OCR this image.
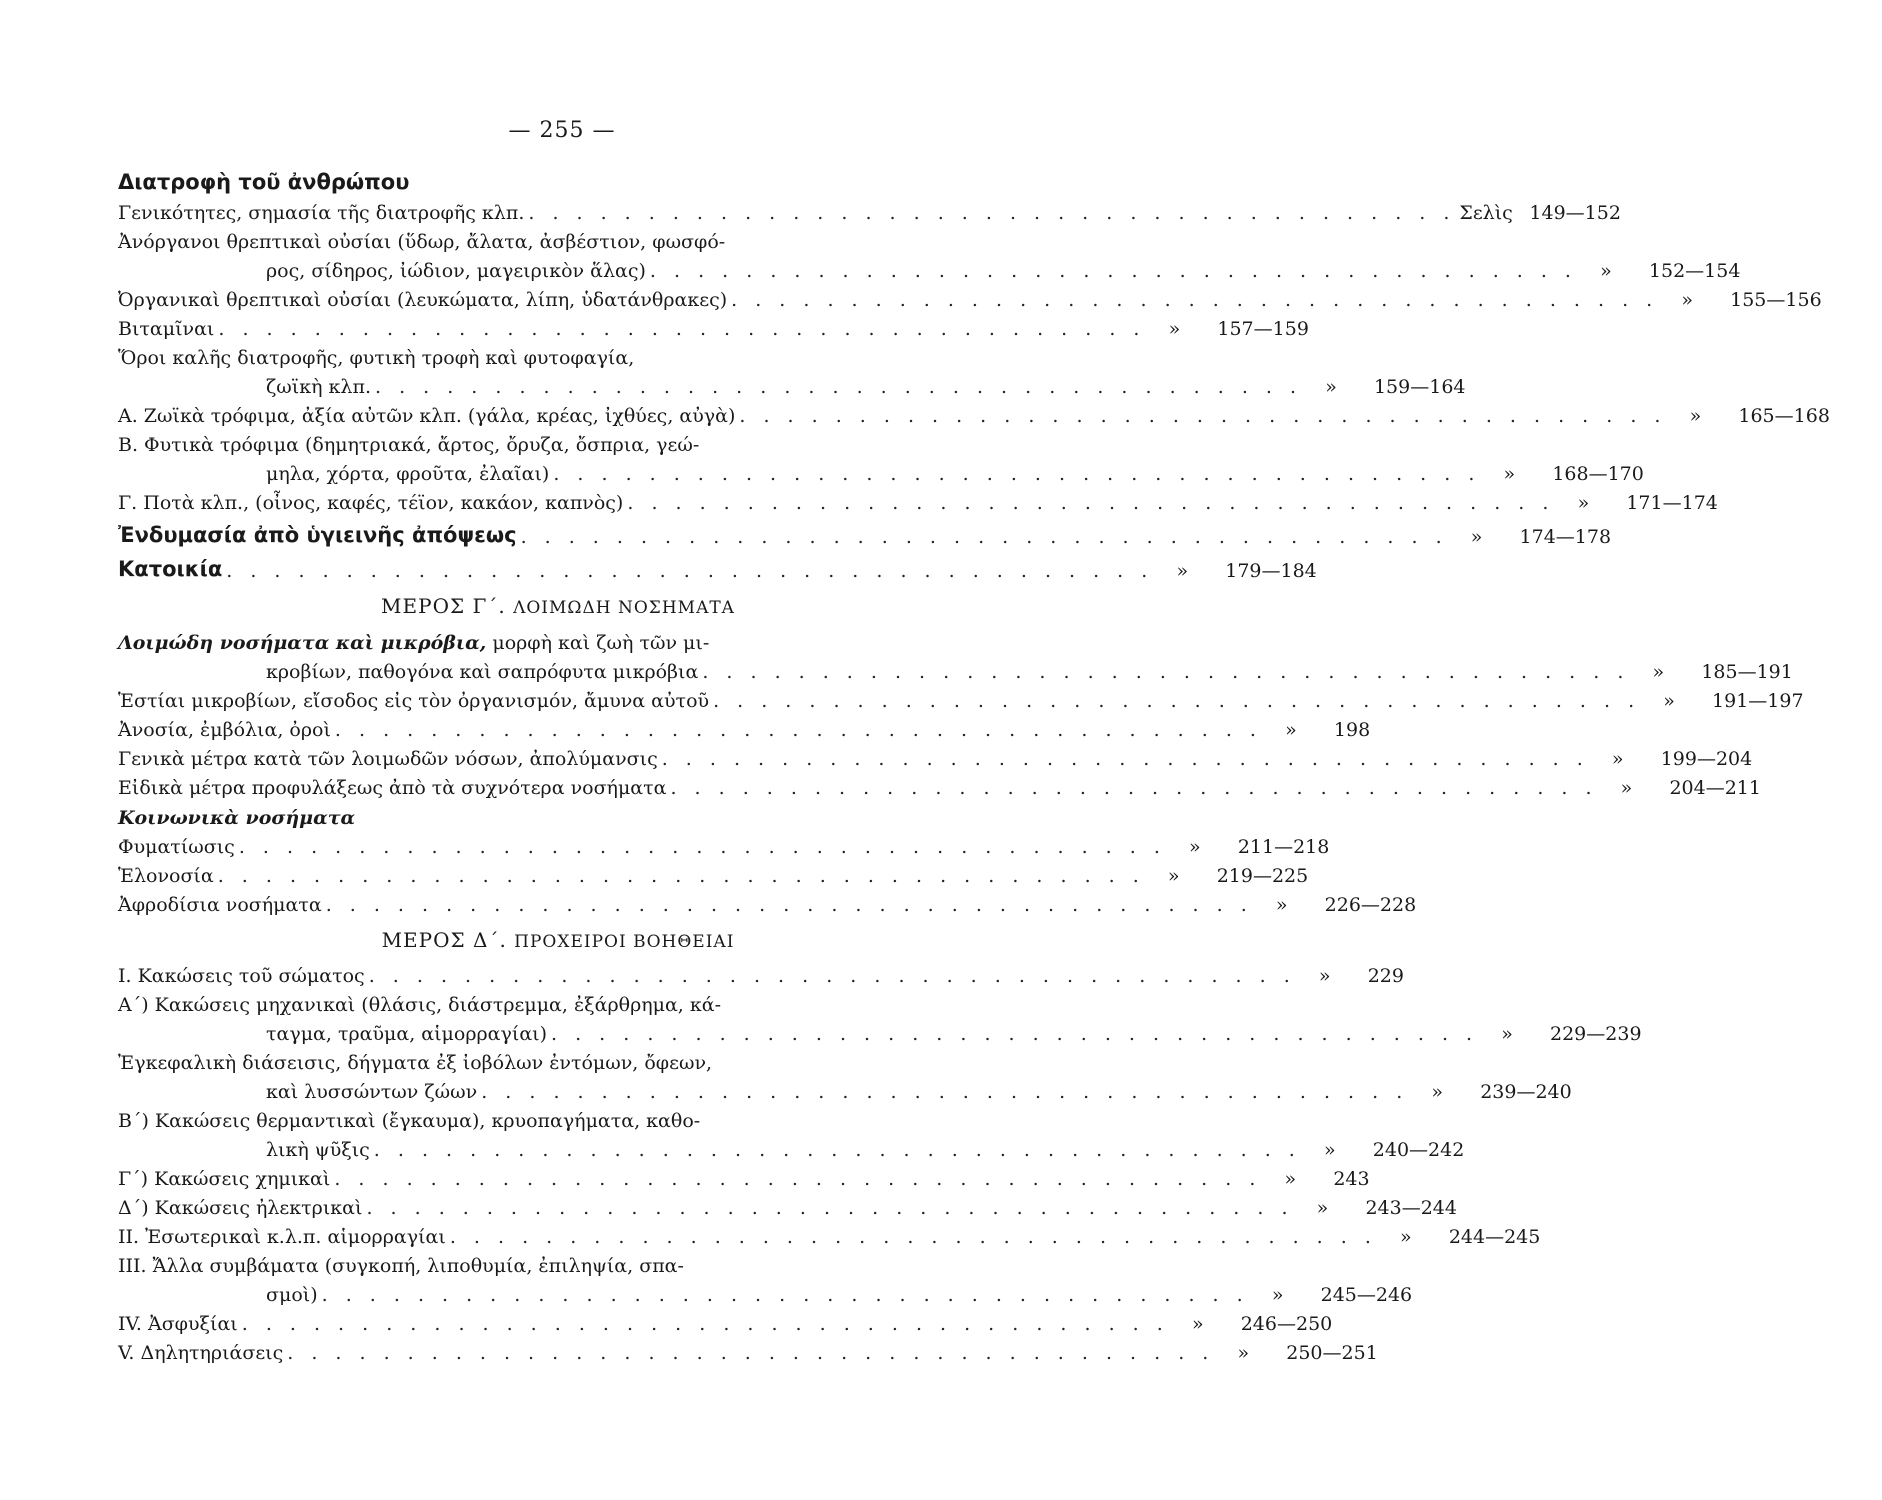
— 255 —
Διατροφὴ τοῦ ἀνθρώπου
Γενικότητες, σημασία τῆς διατροφῆς κλπ. . . . . . . . . . . . . . . . . . . . . . . . . . . . . . . . . . . . . . . . Σελὶς 149—152
Ἀνόργανοι θρεπτικαὶ οὐσίαι (ὕδωρ, ἄλατα, ἀσβέστιον, φωσφό-
ρος, σίδηρος, ἰώδιον, μαγειρικὸν ἅλας) . . . . . . . . . . . . . . . . . . . . . . . . . . . . . . . . . . . . . . .	»	152—154
Ὀργανικαὶ θρεπτικαὶ οὐσίαι (λευκώματα, λίπη, ὑδατάνθρακες) . . . . . . . . . . . . . . . . . . . . . . . . . . . . . . . . . . . . . . .	»	155—156
Βιταμῖναι . . . . . . . . . . . . . . . . . . . . . . . . . . . . . . . . . . . . . . .	»	157—159
Ὅροι καλῆς διατροφῆς, φυτικὴ τροφὴ καὶ φυτοφαγία,
ζωϊκὴ κλπ. . . . . . . . . . . . . . . . . . . . . . . . . . . . . . . . . . . . . . . .	»	159—164
Α. Ζωϊκὰ τρόφιμα, ἀξία αὐτῶν κλπ. (γάλα, κρέας, ἰχθύες, αὐγὰ) . . . . . . . . . . . . . . . . . . . . . . . . . . . . . . . . . . . . . . .	»	165—168
Β. Φυτικὰ τρόφιμα (δημητριακά, ἄρτος, ὄρυζα, ὄσπρια, γεώ-
μηλα, χόρτα, φροῦτα, ἐλαῖαι) . . . . . . . . . . . . . . . . . . . . . . . . . . . . . . . . . . . . . . .	»	168—170
Γ. Ποτὰ κλπ., (οἶνος, καφές, τέϊον, κακάον, καπνὸς) . . . . . . . . . . . . . . . . . . . . . . . . . . . . . . . . . . . . . . .	»	171—174
Ἐνδυμασία ἀπὸ ὑγιεινῆς ἀπόψεως . . . . . . . . . . . . . . . . . . . . . . . . . . . . . . . . . . . . . . .	»	174—178
Κατοικία . . . . . . . . . . . . . . . . . . . . . . . . . . . . . . . . . . . . . . .	»	179—184
ΜΕΡΟΣ Γ΄. ΛΟΙΜΩΔΗ ΝΟΣΗΜΑΤΑ
Λοιμώδη νοσήματα καὶ μικρόβια, μορφὴ καὶ ζωὴ τῶν μι-
κροβίων, παθογόνα καὶ σαπρόφυτα μικρόβια . . . . . . . . . . . . . . . . . . . . . . . . . . . . . . . . . . . . . . .	»	185—191
Ἑστίαι μικροβίων, εἴσοδος εἰς τὸν ὀργανισμόν, ἄμυνα αὐτοῦ . . . . . . . . . . . . . . . . . . . . . . . . . . . . . . . . . . . . . . .	»	191—197
Ἀνοσία, ἐμβόλια, ὀροὶ . . . . . . . . . . . . . . . . . . . . . . . . . . . . . . . . . . . . . . .	»	198
Γενικὰ μέτρα κατὰ τῶν λοιμωδῶν νόσων, ἀπολύμανσις . . . . . . . . . . . . . . . . . . . . . . . . . . . . . . . . . . . . . . .	»	199—204
Εἰδικὰ μέτρα προφυλάξεως ἀπὸ τὰ συχνότερα νοσήματα . . . . . . . . . . . . . . . . . . . . . . . . . . . . . . . . . . . . . . .	»	204—211
Κοινωνικὰ νοσήματα
Φυματίωσις . . . . . . . . . . . . . . . . . . . . . . . . . . . . . . . . . . . . . . .	»	211—218
Ἑλονοσία . . . . . . . . . . . . . . . . . . . . . . . . . . . . . . . . . . . . . . .	»	219—225
Ἀφροδίσια νοσήματα . . . . . . . . . . . . . . . . . . . . . . . . . . . . . . . . . . . . . . .	»	226—228
ΜΕΡΟΣ Δ΄. ΠΡΟΧΕΙΡΟΙ ΒΟΗΘΕΙΑΙ
Ι. Κακώσεις τοῦ σώματος . . . . . . . . . . . . . . . . . . . . . . . . . . . . . . . . . . . . . . .	»	229
Α΄) Κακώσεις μηχανικαὶ (θλάσις, διάστρεμμα, ἐξάρθρημα, κά-
ταγμα, τραῦμα, αἱμορραγίαι) . . . . . . . . . . . . . . . . . . . . . . . . . . . . . . . . . . . . . . .	»	229—239
Ἐγκεφαλικὴ διάσεισις, δήγματα ἐξ ἰοβόλων ἐντόμων, ὄφεων,
καὶ λυσσώντων ζώων . . . . . . . . . . . . . . . . . . . . . . . . . . . . . . . . . . . . . . .	»	239—240
Β΄) Κακώσεις θερμαντικαὶ (ἔγκαυμα), κρυοπαγήματα, καθο-
λικὴ ψῦξις . . . . . . . . . . . . . . . . . . . . . . . . . . . . . . . . . . . . . . .	»	240—242
Γ΄) Κακώσεις χημικαὶ . . . . . . . . . . . . . . . . . . . . . . . . . . . . . . . . . . . . . . .	»	243
Δ΄) Κακώσεις ἠλεκτρικαὶ . . . . . . . . . . . . . . . . . . . . . . . . . . . . . . . . . . . . . . .	»	243—244
ΙΙ. Ἐσωτερικαὶ κ.λ.π. αἱμορραγίαι . . . . . . . . . . . . . . . . . . . . . . . . . . . . . . . . . . . . . . .	»	244—245
ΙΙΙ. Ἄλλα συμβάματα (συγκοπή, λιποθυμία, ἐπιληψία, σπα-
σμοὶ) . . . . . . . . . . . . . . . . . . . . . . . . . . . . . . . . . . . . . . .	»	245—246
ΙV. Ἀσφυξίαι . . . . . . . . . . . . . . . . . . . . . . . . . . . . . . . . . . . . . . .	»	246—250
V. Δηλητηριάσεις . . . . . . . . . . . . . . . . . . . . . . . . . . . . . . . . . . . . . . .	»	250—251
